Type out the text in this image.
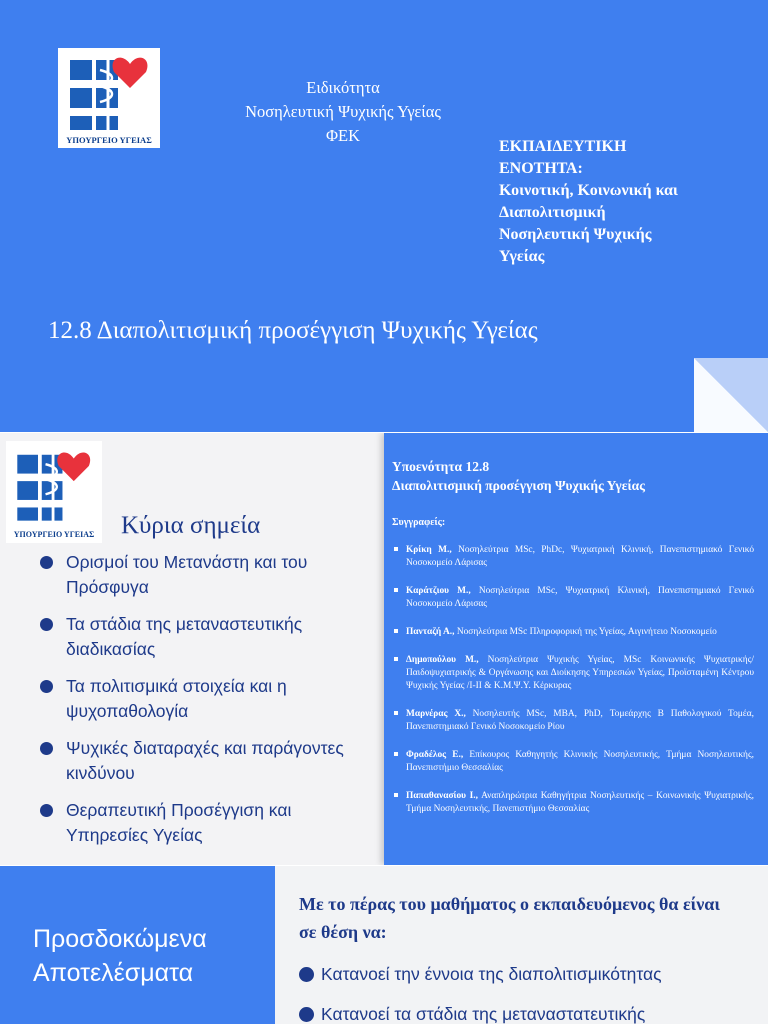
ΥΠΟΥΡΓΕΙΟ ΥΓΕΙΑΣ
Ειδικότητα
Νοσηλευτική Ψυχικής Υγείας
ΦΕΚ
ΕΚΠΑΙΔΕΥΤΙΚΗ
ΕΝΟΤΗΤΑ:
Κοινοτική, Κοινωνική και
Διαπολιτισμική
Νοσηλευτική Ψυχικής
Υγείας
12.8 Διαπολιτισμική προσέγγιση Ψυχικής Υγείας
ΥΠΟΥΡΓΕΙΟ ΥΓΕΙΑΣ	Κύρια σημεία
Ορισμοί του Μετανάστη και του Πρόσφυγα
Τα στάδια της μεταναστευτικής διαδικασίας
Τα πολιτισμικά στοιχεία και η ψυχοπαθολογία
Ψυχικές διαταραχές και παράγοντες κινδύνου
Θεραπευτική Προσέγγιση και Υπηρεσίες Υγείας
Υποενότητα 12.8
Διαπολιτισμική προσέγγιση Ψυχικής Υγείας
Συγγραφείς:
Κρίκη Μ., Νοσηλεύτρια MSc, PhDc, Ψυχιατρική Κλινική, Πανεπιστημιακό Γενικό Νοσοκομείο Λάρισας
Καράτζιου Μ., Νοσηλεύτρια MSc, Ψυχιατρική Κλινική, Πανεπιστημιακό Γενικό Νοσοκομείο Λάρισας
Πανταζή Α., Νοσηλεύτρια MSc Πληροφορική της Υγείας, Αιγινήτειο Νοσοκομείο
Δημοπούλου Μ., Νοσηλεύτρια Ψυχικής Υγείας, MSc Κοινωνικής Ψυχιατρικής/Παιδοψυχιατρικής & Οργάνωσης και Διοίκησης Υπηρεσιών Υγείας, Προϊσταμένη Κέντρου Ψυχικής Υγείας /Ι-ΙΙ & Κ.Μ.Ψ.Υ. Κέρκυρας
Μαρνέρας Χ., Νοσηλευτής MSc, MBA, PhD, Τομεάρχης Β Παθολογικού Τομέα, Πανεπιστημιακό Γενικό Νοσοκομείο Ρίου
Φραδέλος Ε., Επίκουρος Καθηγητής Κλινικής Νοσηλευτικής, Τμήμα Νοσηλευτικής, Πανεπιστήμιο Θεσσαλίας
Παπαθανασίου Ι., Αναπληρώτρια Καθηγήτρια Νοσηλευτικής – Κοινωνικής Ψυχιατρικής, Τμήμα Νοσηλευτικής, Πανεπιστήμιο Θεσσαλίας
Προσδοκώμενα Αποτελέσματα
Με το πέρας του μαθήματος ο εκπαιδευόμενος θα είναι σε θέση να:
Κατανοεί την έννοια της διαπολιτισμικότητας
Κατανοεί τα στάδια της μεταναστατευτικής
